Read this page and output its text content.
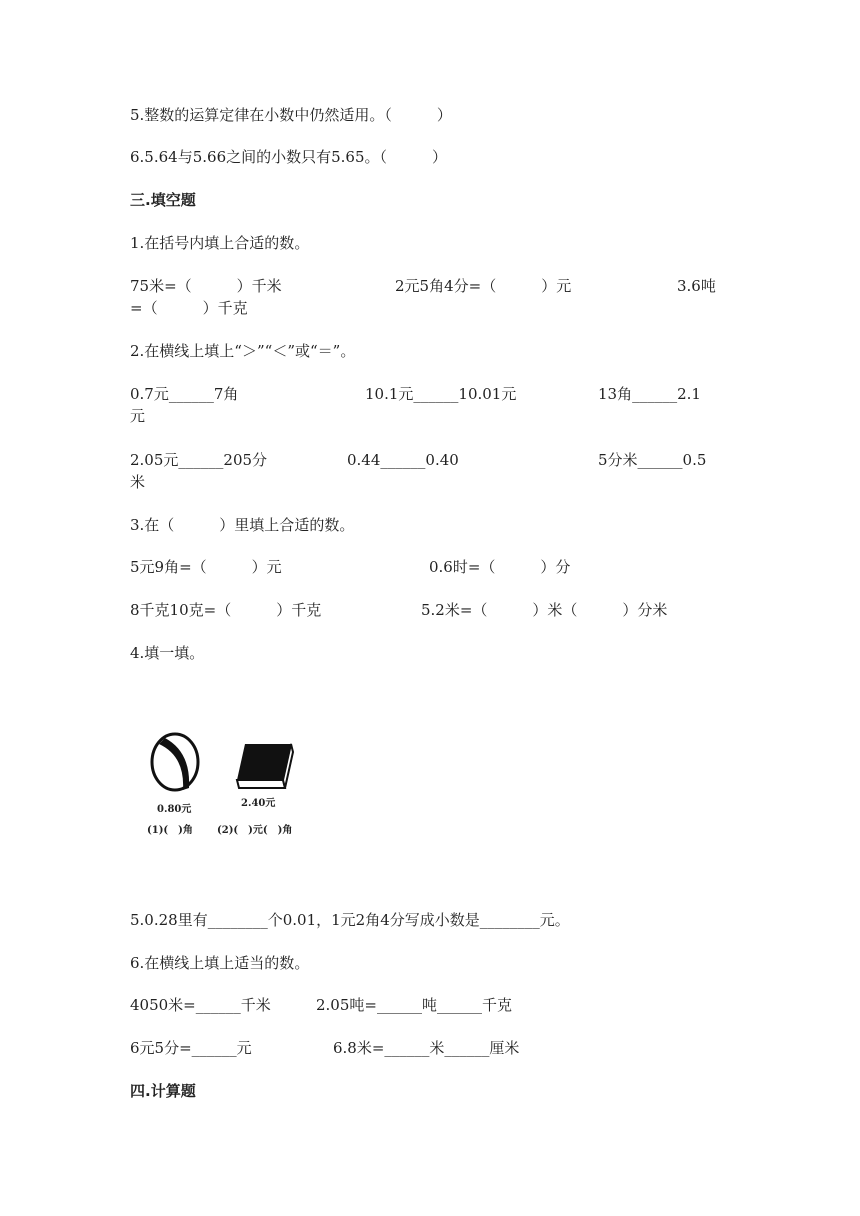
5.整数的运算定律在小数中仍然适用。（　　　）
6.5.64与5.66之间的小数只有5.65。（　　　）
三.填空题
1.在括号内填上合适的数。
75米=（　　　）千米	2元5角4分=（　　　）元	3.6吨
=（　　　）千克
2.在横线上填上“＞”“＜”或“＝”。
0.7元______7角	10.1元______10.01元	13角______2.1
元
2.05元______205分	0.44______0.40	5分米______0.5
米
3.在（　　　）里填上合适的数。
5元9角=（　　　）元	0.6时=（　　　）分
8千克10克=（　　　）千克	5.2米=（　　　）米（　　　）分米
4.填一填。
0.80元
(1)(　)角
2.40元
(2)(　)元(　)角
5.0.28里有________个0.01，1元2角4分写成小数是________元。
6.在横线上填上适当的数。
4050米=______千米	2.05吨=______吨______千克
6元5分=______元	6.8米=______米______厘米
四.计算题
